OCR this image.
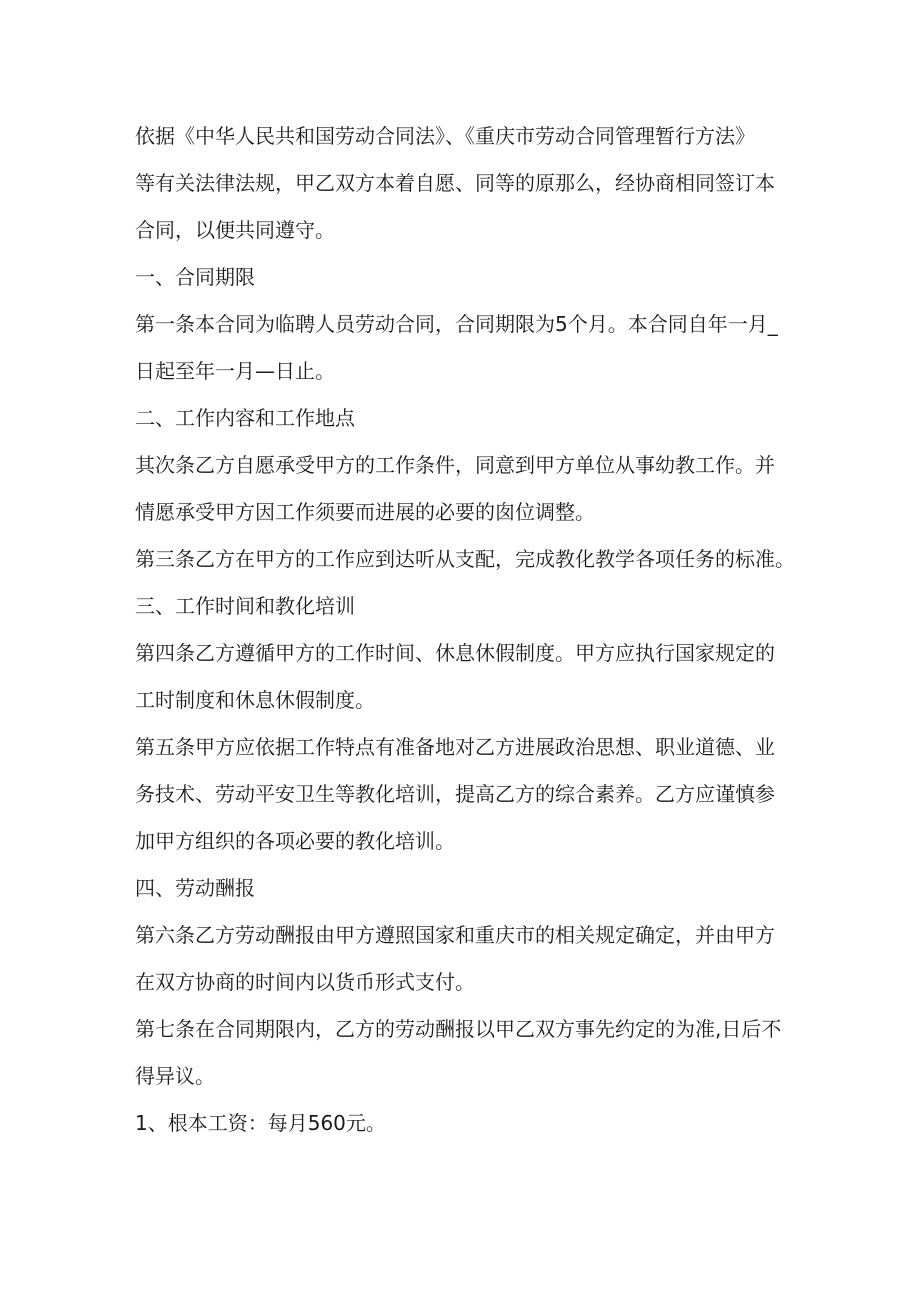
依据《中华人民共和国劳动合同法》、《重庆市劳动合同管理暂行方法》
等有关法律法规，甲乙双方本着自愿、同等的原那么，经协商相同签订本
合同，以便共同遵守。
一、合同期限
第一条本合同为临聘人员劳动合同，合同期限为5个月。本合同自年一月_
日起至年一月—日止。
二、工作内容和工作地点
其次条乙方自愿承受甲方的工作条件，同意到甲方单位从事幼教工作。并
情愿承受甲方因工作须要而进展的必要的囱位调整。
第三条乙方在甲方的工作应到达听从支配，完成教化教学各项任务的标准。
三、工作时间和教化培训
第四条乙方遵循甲方的工作时间、休息休假制度。甲方应执行国家规定的
工时制度和休息休假制度。
第五条甲方应依据工作特点有准备地对乙方进展政治思想、职业道德、业
务技术、劳动平安卫生等教化培训，提高乙方的综合素养。乙方应谨慎参
加甲方组织的各项必要的教化培训。
四、劳动酬报
第六条乙方劳动酬报由甲方遵照国家和重庆市的相关规定确定，并由甲方
在双方协商的时间内以货币形式支付。
第七条在合同期限内，乙方的劳动酬报以甲乙双方事先约定的为准,日后不
得异议。
1、根本工资：每月560元。
